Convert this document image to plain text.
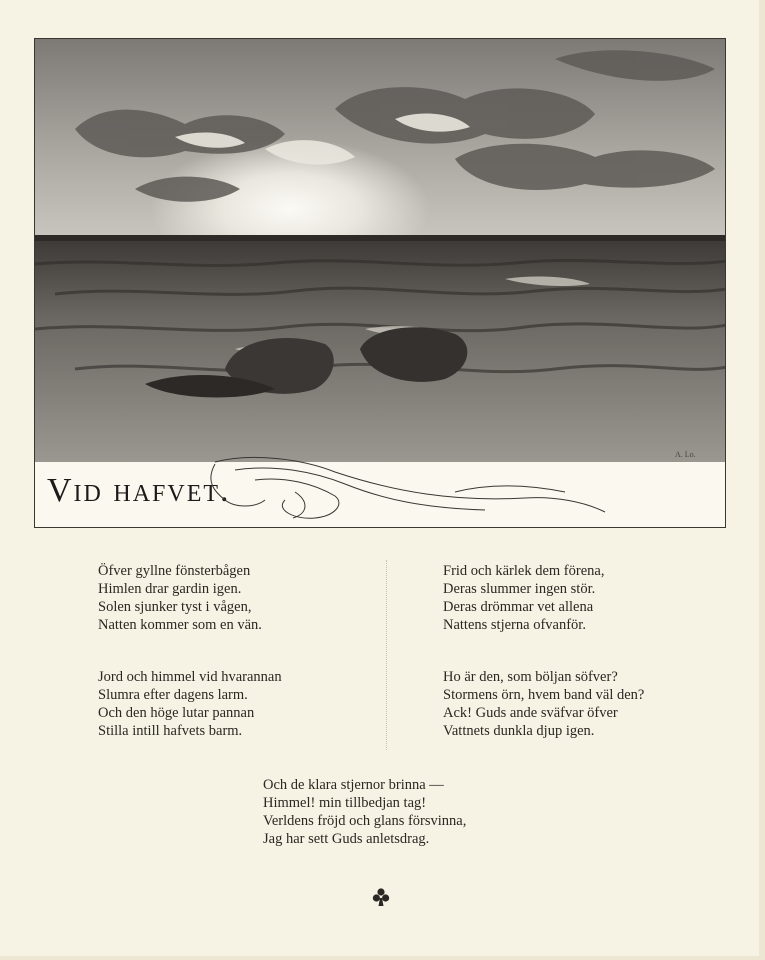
A. Lo.
Vid hafvet.

Öfver gyllne fönsterbågen
Himlen drar gardin igen.
Solen sjunker tyst i vågen,
Natten kommer som en vän.

Frid och kärlek dem förena,
Deras slummer ingen stör.
Deras drömmar vet allena
Nattens stjerna ofvanför.

Jord och himmel vid hvarannan
Slumra efter dagens larm.
Och den höge lutar pannan
Stilla intill hafvets barm.

Ho är den, som böljan söfver?
Stormens örn, hvem band väl den?
Ack! Guds ande sväfvar öfver
Vattnets dunkla djup igen.

Och de klara stjernor brinna —
Himmel! min tillbedjan tag!
Verldens fröjd och glans försvinna,
Jag har sett Guds anletsdrag.
